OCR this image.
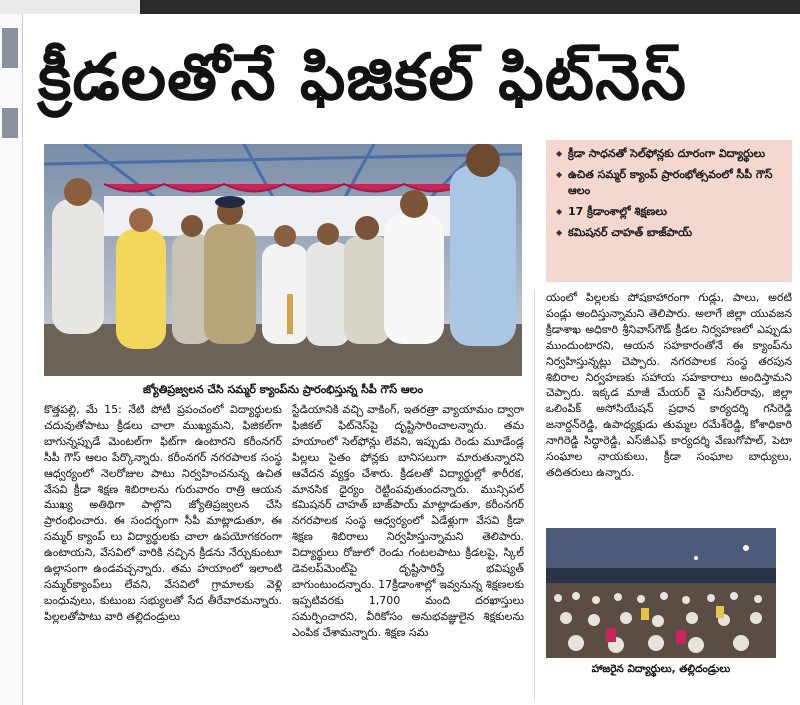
క్రీడలతోనే ఫిజికల్ ఫిట్‌నెస్
జ్యోతిప్రజ్వలన చేసి సమ్మర్ క్యాంప్‌ను ప్రారంభిస్తున్న సీపీ గౌస్ ఆలం
◆ క్రీడా సాధనతో సెల్‌ఫోన్లకు దూరంగా విద్యార్థులు
◆ ఉచిత సమ్మర్ క్యాంప్ ప్రారంభోత్సవంలో సీపీ గౌస్ ఆలం
◆ 17 క్రీడాంశాల్లో శిక్షణలు
◆ కమిషనర్ చాహత్ బాజ్‌పాయ్

కొత్తపల్లి, మే 15: నేటి పోటీ ప్రపంచంలో విద్యార్థులకు చదువుతోపాటు క్రీడలు చాలా ముఖ్యమని, ఫిజికల్‌గా బాగున్నప్పుడే మెంటల్‌గా ఫిట్‌గా ఉంటారని కరీంనగర్ సీపీ గౌస్ ఆలం పేర్కొన్నారు. కరీంనగర్ నగరపాలక సంస్థ ఆధ్వర్యంలో నెలరోజుల పాటు నిర్వహించనున్న ఉచిత వేసవి క్రీడా శిక్షణ శిబిరాలను గురువారం రాత్రి ఆయన ముఖ్య అతిథిగా పాల్గొని జ్యోతిప్రజ్వలన చేసి ప్రారంభించారు. ఈ సందర్భంగా సీపీ మాట్లాడుతూ, ఈ సమ్మర్ క్యాంప్ లు విద్యార్థులకు చాలా ఉపయోగకరంగా ఉంటాయని, వేసవిలో వారికి నచ్చిన క్రీడను నేర్చుకుంటూ ఉల్లాసంగా ఉండవచ్చన్నారు. తమ హయాంలో ఇలాంటి సమ్మర్‌క్యాంప్‌లు లేవని, వేసవిలో గ్రామాలకు వెళ్లి బంధువులు, కుటుంబ సభ్యులతో సేద తీరేవారమన్నారు. పిల్లలతోపాటు వారి తల్లిదండ్రులు

స్టేడియానికి వచ్చి వాకింగ్, ఇతరత్రా వ్యాయామం ద్వారా ఫిజికల్ ఫిట్‌నెస్‌పై దృష్టిసారించాలన్నారు. తమ హయాంలో సెల్‌ఫోన్లు లేవని, ఇప్పుడు రెండు మూడేండ్ల పిల్లలు సైతం ఫోన్లకు బానిసలుగా మారుతున్నారని ఆవేదన వ్యక్తం చేశారు. క్రీడలతో విద్యార్థుల్లో శారీరక, మానసిక ధైర్యం రెట్టింపవుతుందన్నారు. మున్సిపల్ కమిషనర్ చాహత్ బాజ్‌పాయ్ మాట్లాడుతూ, కరీంనగర్ నగరపాలక సంస్థ ఆధ్వర్యంలో ఏడేళ్లుగా వేసవి క్రీడా శిక్షణ శిబిరాలు నిర్వహిస్తున్నామని తెలిపారు. విద్యార్థులు రోజులో రెండు గంటలపాటు క్రీడలపై, స్కిల్ డెవలప్‌మెంట్‌పై దృష్టిసారిస్తే భవిష్యత్ బాగుంటుందన్నారు. 17క్రీడాంశాల్లో ఇవ్వనున్న శిక్షణలకు ఇప్పటివరకు 1,700 మంది దరఖాస్తులు సమర్పించారని, వీరికోసం అనుభవజ్ఞులైన శిక్షకులను ఎంపిక చేశామన్నారు. శిక్షణ సమ

యంలో పిల్లలకు పోషకాహారంగా గుడ్లు, పాలు, అరటి పండ్లు అందిస్తున్నామని తెలిపారు. అలాగే జిల్లా యువజన క్రీడాశాఖ అధికారి శ్రీనివాస్‌గౌడ్ క్రీడల నిర్వహణలో ఎప్పుడు ముందుంటారని, ఆయన సహకారంతోనే ఈ క్యాంప్‌ను నిర్వహిస్తున్నట్లు చెప్పారు. నగరపాలక సంస్థ తరపున శిబిరాల నిర్వహణకు సహాయ సహకారాలు అందిస్తామని చెప్పారు. ఇక్కడ మాజీ మేయర్ వై సునీల్‌రావు, జిల్లా ఒలింపిక్ అసోసియేషన్ ప్రధాన కార్యదర్శి గసిరెడ్డి జనార్దన్‌రెడ్డి, ఉపాధ్యక్షుడు తుమ్మల రమేశ్‌రెడ్డి, కోశాధికారి నాగిరెడ్డి సిద్ధారెడ్డి, ఎస్‌జీఎఫ్ కార్యదర్శి వేణుగోపాల్, పెటా సంఘాల నాయకులు, క్రీడా సంఘాల బాధ్యులు, తదితరులు ఉన్నారు.

హాజరైన విద్యార్థులు, తల్లిదండ్రులు
